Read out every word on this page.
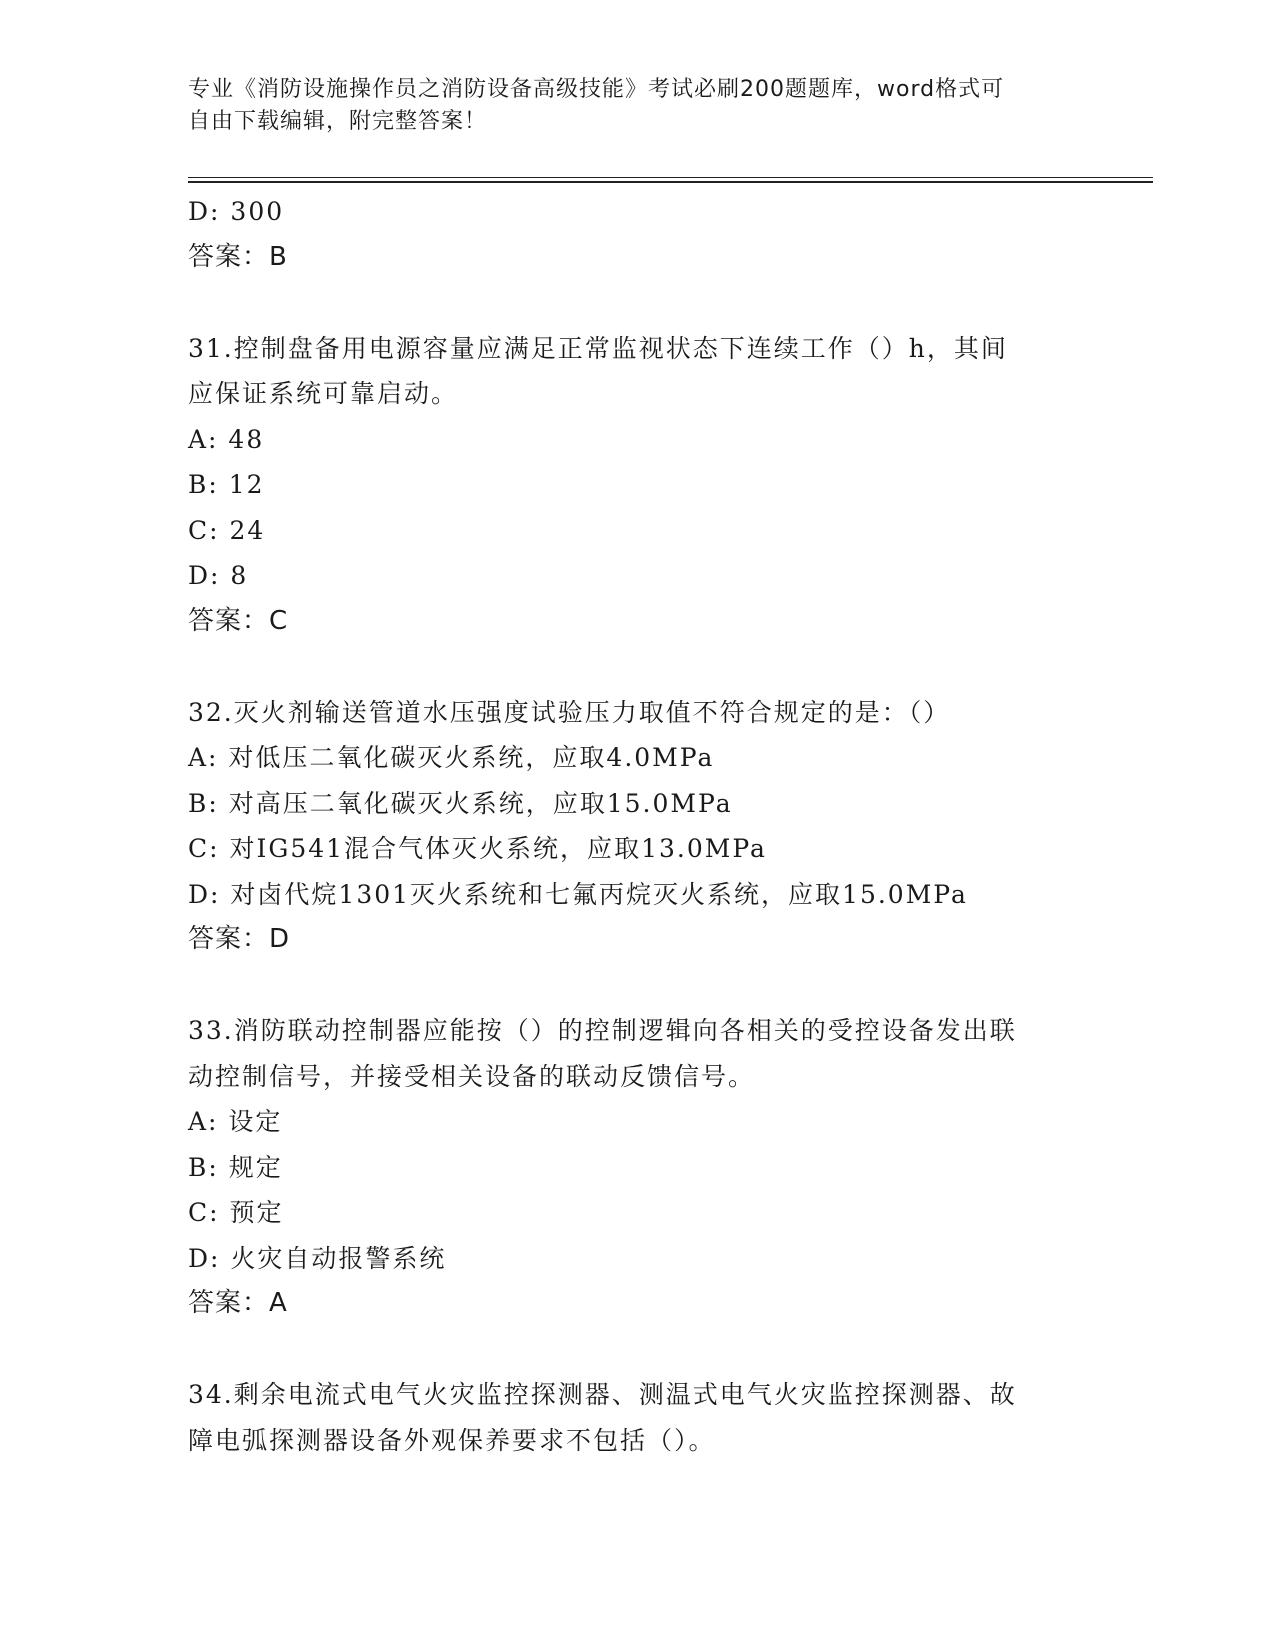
专业《消防设施操作员之消防设备高级技能》考试必刷200题题库，word格式可
自由下载编辑，附完整答案！
D: 300
答案：B
31.控制盘备用电源容量应满足正常监视状态下连续工作（）h，其间
应保证系统可靠启动。
A: 48
B: 12
C: 24
D: 8
答案：C
32.灭火剂输送管道水压强度试验压力取值不符合规定的是：（）
A: 对低压二氧化碳灭火系统，应取4.0MPa
B: 对高压二氧化碳灭火系统，应取15.0MPa
C: 对IG541混合气体灭火系统，应取13.0MPa
D: 对卤代烷1301灭火系统和七氟丙烷灭火系统，应取15.0MPa
答案：D
33.消防联动控制器应能按（）的控制逻辑向各相关的受控设备发出联
动控制信号，并接受相关设备的联动反馈信号。
A: 设定
B: 规定
C: 预定
D: 火灾自动报警系统
答案：A
34.剩余电流式电气火灾监控探测器、测温式电气火灾监控探测器、故
障电弧探测器设备外观保养要求不包括（）。
